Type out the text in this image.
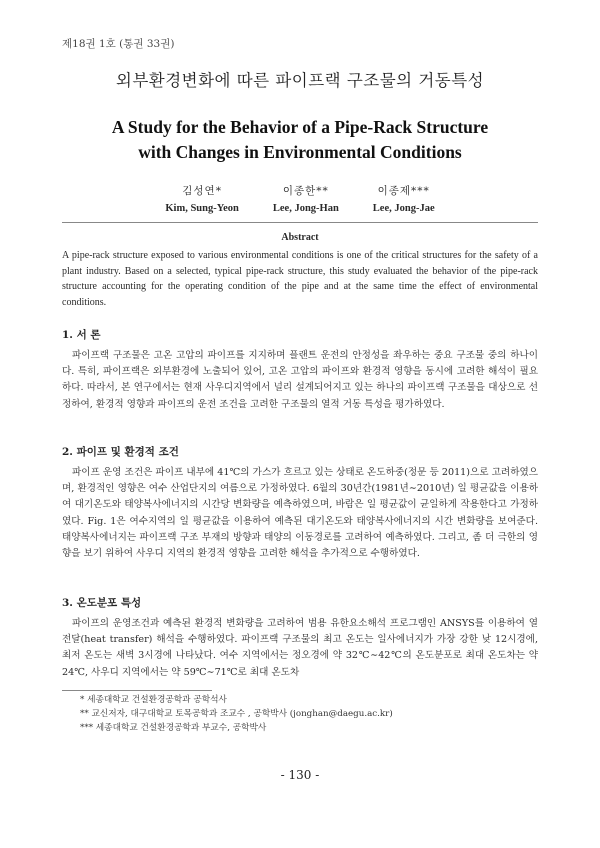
제18권 1호 (통권 33권)
외부환경변화에 따른 파이프랙 구조물의 거동특성
A Study for the Behavior of a Pipe-Rack Structure
with Changes in Environmental Conditions
김성연*
Kim, Sung-Yeon
이종한**
Lee, Jong-Han
이종제***
Lee, Jong-Jae
Abstract
A pipe-rack structure exposed to various environmental conditions is one of the critical structures for the safety of a plant industry. Based on a selected, typical pipe-rack structure, this study evaluated the behavior of the pipe-rack structure accounting for the operating condition of the pipe and at the same time the effect of environmental conditions.
1. 서 론

파이프랙 구조물은 고온 고압의 파이프를 지지하며 플랜트 운전의 안정성을 좌우하는 중요 구조물 중의 하나이다. 특히, 파이프랙은 외부환경에 노출되어 있어, 고온 고압의 파이프와 환경적 영향을 동시에 고려한 해석이 필요하다. 따라서, 본 연구에서는 현재 사우디지역에서 널리 설계되어지고 있는 하나의 파이프랙 구조물을 대상으로 선정하여, 환경적 영향과 파이프의 운전 조건을 고려한 구조물의 열적 거동 특성을 평가하였다.

2. 파이프 및 환경적 조건

파이프 운영 조건은 파이프 내부에 41℃의 가스가 흐르고 있는 상태로 온도하중(정문 등 2011)으로 고려하였으며, 환경적인 영향은 여수 산업단지의 여름으로 가정하였다. 6월의 30년간(1981년∼2010년) 일 평균값을 이용하여 대기온도와 태양복사에너지의 시간당 변화량을 예측하였으며, 바람은 일 평균값이 균일하게 작용한다고 가정하였다. Fig. 1은 여수지역의 일 평균값을 이용하여 예측된 대기온도와 태양복사에너지의 시간 변화량을 보여준다. 태양복사에너지는 파이프랙 구조 부재의 방향과 태양의 이동경로를 고려하여 예측하였다. 그리고, 좀 더 극한의 영향을 보기 위하여 사우디 지역의 환경적 영향을 고려한 해석을 추가적으로 수행하였다.

3. 온도분포 특성

파이프의 운영조건과 예측된 환경적 변화량을 고려하여 범용 유한요소해석 프로그램인 ANSYS를 이용하여 열전달(heat transfer) 해석을 수행하였다. 파이프랙 구조물의 최고 온도는 일사에너지가 가장 강한 낮 12시경에, 최저 온도는 새벽 3시경에 나타났다. 여수 지역에서는 정오경에 약 32℃∼42℃의 온도분포로 최대 온도차는 약 24℃, 사우디 지역에서는 약 59℃∼71℃로 최대 온도차

* 세종대학교 건설환경공학과 공학석사
** 교신저자, 대구대학교 토목공학과 조교수 , 공학박사 (jonghan@daegu.ac.kr)
*** 세종대학교 건설환경공학과 부교수, 공학박사
- 130 -
